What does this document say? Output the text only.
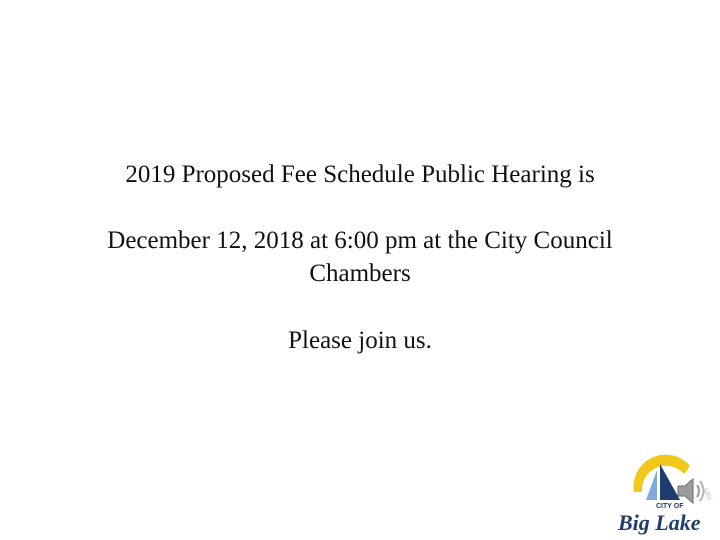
2019 Proposed Fee Schedule Public Hearing is
December 12, 2018 at 6:00 pm at the City Council
Chambers
Please join us.
CITY OF
Big Lake
MN
